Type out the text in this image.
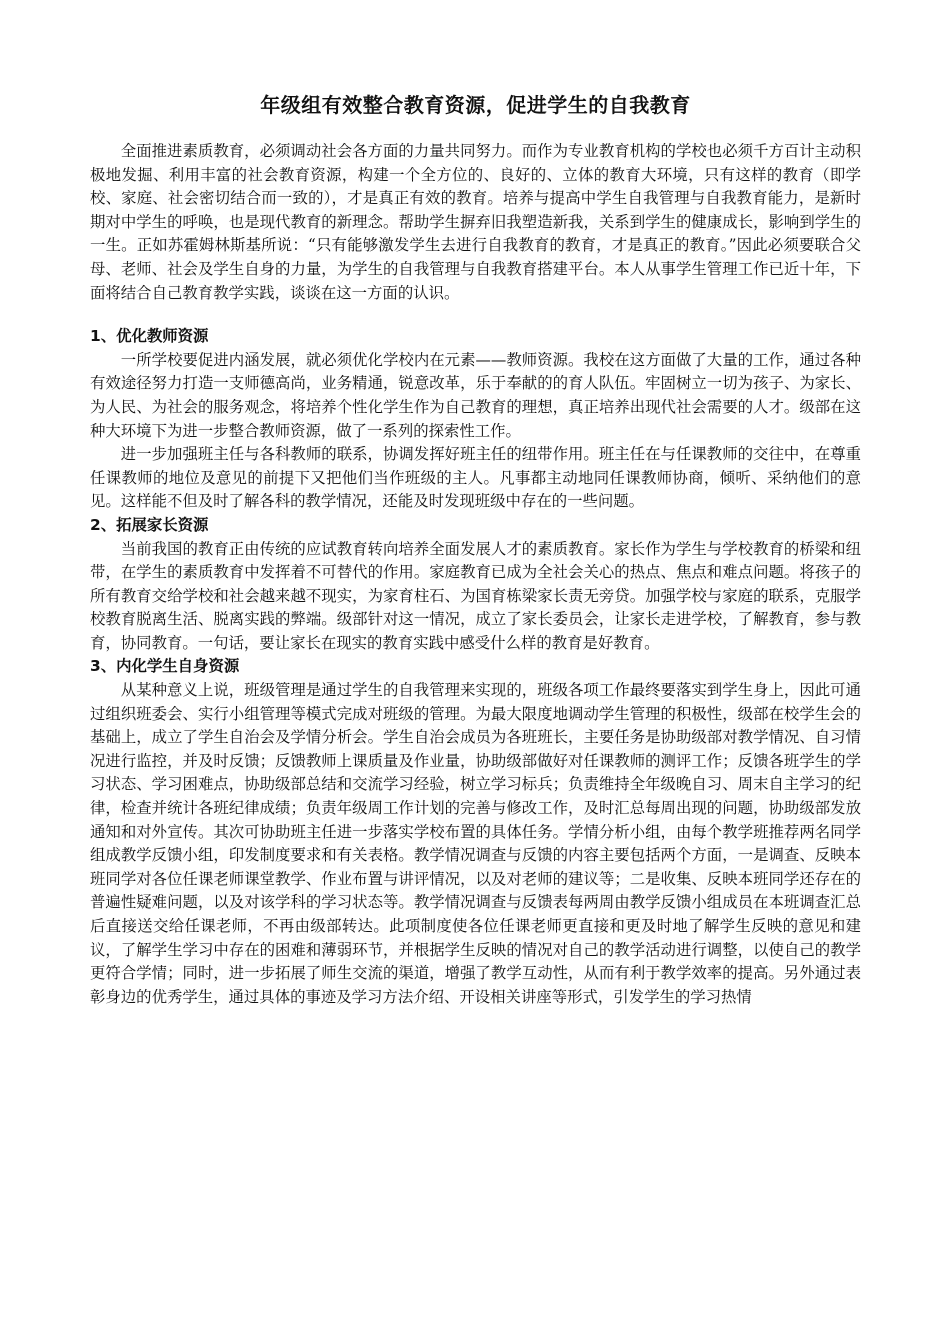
年级组有效整合教育资源，促进学生的自我教育

全面推进素质教育，必须调动社会各方面的力量共同努力。而作为专业教育机构的学校也必须千方百计主动积极地发掘、利用丰富的社会教育资源，构建一个全方位的、良好的、立体的教育大环境，只有这样的教育（即学校、家庭、社会密切结合而一致的），才是真正有效的教育。培养与提高中学生自我管理与自我教育能力，是新时期对中学生的呼唤，也是现代教育的新理念。帮助学生摒弃旧我塑造新我，关系到学生的健康成长，影响到学生的一生。正如苏霍姆林斯基所说：“只有能够激发学生去进行自我教育的教育，才是真正的教育。”因此必须要联合父母、老师、社会及学生自身的力量，为学生的自我管理与自我教育搭建平台。本人从事学生管理工作已近十年，下面将结合自己教育教学实践，谈谈在这一方面的认识。

1、优化教师资源

一所学校要促进内涵发展，就必须优化学校内在元素——教师资源。我校在这方面做了大量的工作，通过各种有效途径努力打造一支师德高尚，业务精通，锐意改革，乐于奉献的的育人队伍。牢固树立一切为孩子、为家长、为人民、为社会的服务观念，将培养个性化学生作为自己教育的理想，真正培养出现代社会需要的人才。级部在这种大环境下为进一步整合教师资源，做了一系列的探索性工作。

进一步加强班主任与各科教师的联系，协调发挥好班主任的纽带作用。班主任在与任课教师的交往中，在尊重任课教师的地位及意见的前提下又把他们当作班级的主人。凡事都主动地同任课教师协商，倾听、采纳他们的意见。这样能不但及时了解各科的教学情况，还能及时发现班级中存在的一些问题。

2、拓展家长资源

当前我国的教育正由传统的应试教育转向培养全面发展人才的素质教育。家长作为学生与学校教育的桥梁和纽带，在学生的素质教育中发挥着不可替代的作用。家庭教育已成为全社会关心的热点、焦点和难点问题。将孩子的所有教育交给学校和社会越来越不现实，为家育柱石、为国育栋梁家长责无旁贷。加强学校与家庭的联系，克服学校教育脱离生活、脱离实践的弊端。级部针对这一情况，成立了家长委员会，让家长走进学校，了解教育，参与教育，协同教育。一句话，要让家长在现实的教育实践中感受什么样的教育是好教育。

3、内化学生自身资源

从某种意义上说，班级管理是通过学生的自我管理来实现的，班级各项工作最终要落实到学生身上，因此可通过组织班委会、实行小组管理等模式完成对班级的管理。为最大限度地调动学生管理的积极性，级部在校学生会的基础上，成立了学生自治会及学情分析会。学生自治会成员为各班班长，主要任务是协助级部对教学情况、自习情况进行监控，并及时反馈；反馈教师上课质量及作业量，协助级部做好对任课教师的测评工作；反馈各班学生的学习状态、学习困难点，协助级部总结和交流学习经验，树立学习标兵；负责维持全年级晚自习、周末自主学习的纪律，检查并统计各班纪律成绩；负责年级周工作计划的完善与修改工作，及时汇总每周出现的问题，协助级部发放通知和对外宣传。其次可协助班主任进一步落实学校布置的具体任务。学情分析小组，由每个教学班推荐两名同学组成教学反馈小组，印发制度要求和有关表格。教学情况调查与反馈的内容主要包括两个方面，一是调查、反映本班同学对各位任课老师课堂教学、作业布置与讲评情况，以及对老师的建议等；二是收集、反映本班同学还存在的普遍性疑难问题，以及对该学科的学习状态等。教学情况调查与反馈表每两周由教学反馈小组成员在本班调查汇总后直接送交给任课老师，不再由级部转达。此项制度使各位任课老师更直接和更及时地了解学生反映的意见和建议，了解学生学习中存在的困难和薄弱环节，并根据学生反映的情况对自己的教学活动进行调整，以使自己的教学更符合学情；同时，进一步拓展了师生交流的渠道，增强了教学互动性，从而有利于教学效率的提高。另外通过表彰身边的优秀学生，通过具体的事迹及学习方法介绍、开设相关讲座等形式，引发学生的学习热情
